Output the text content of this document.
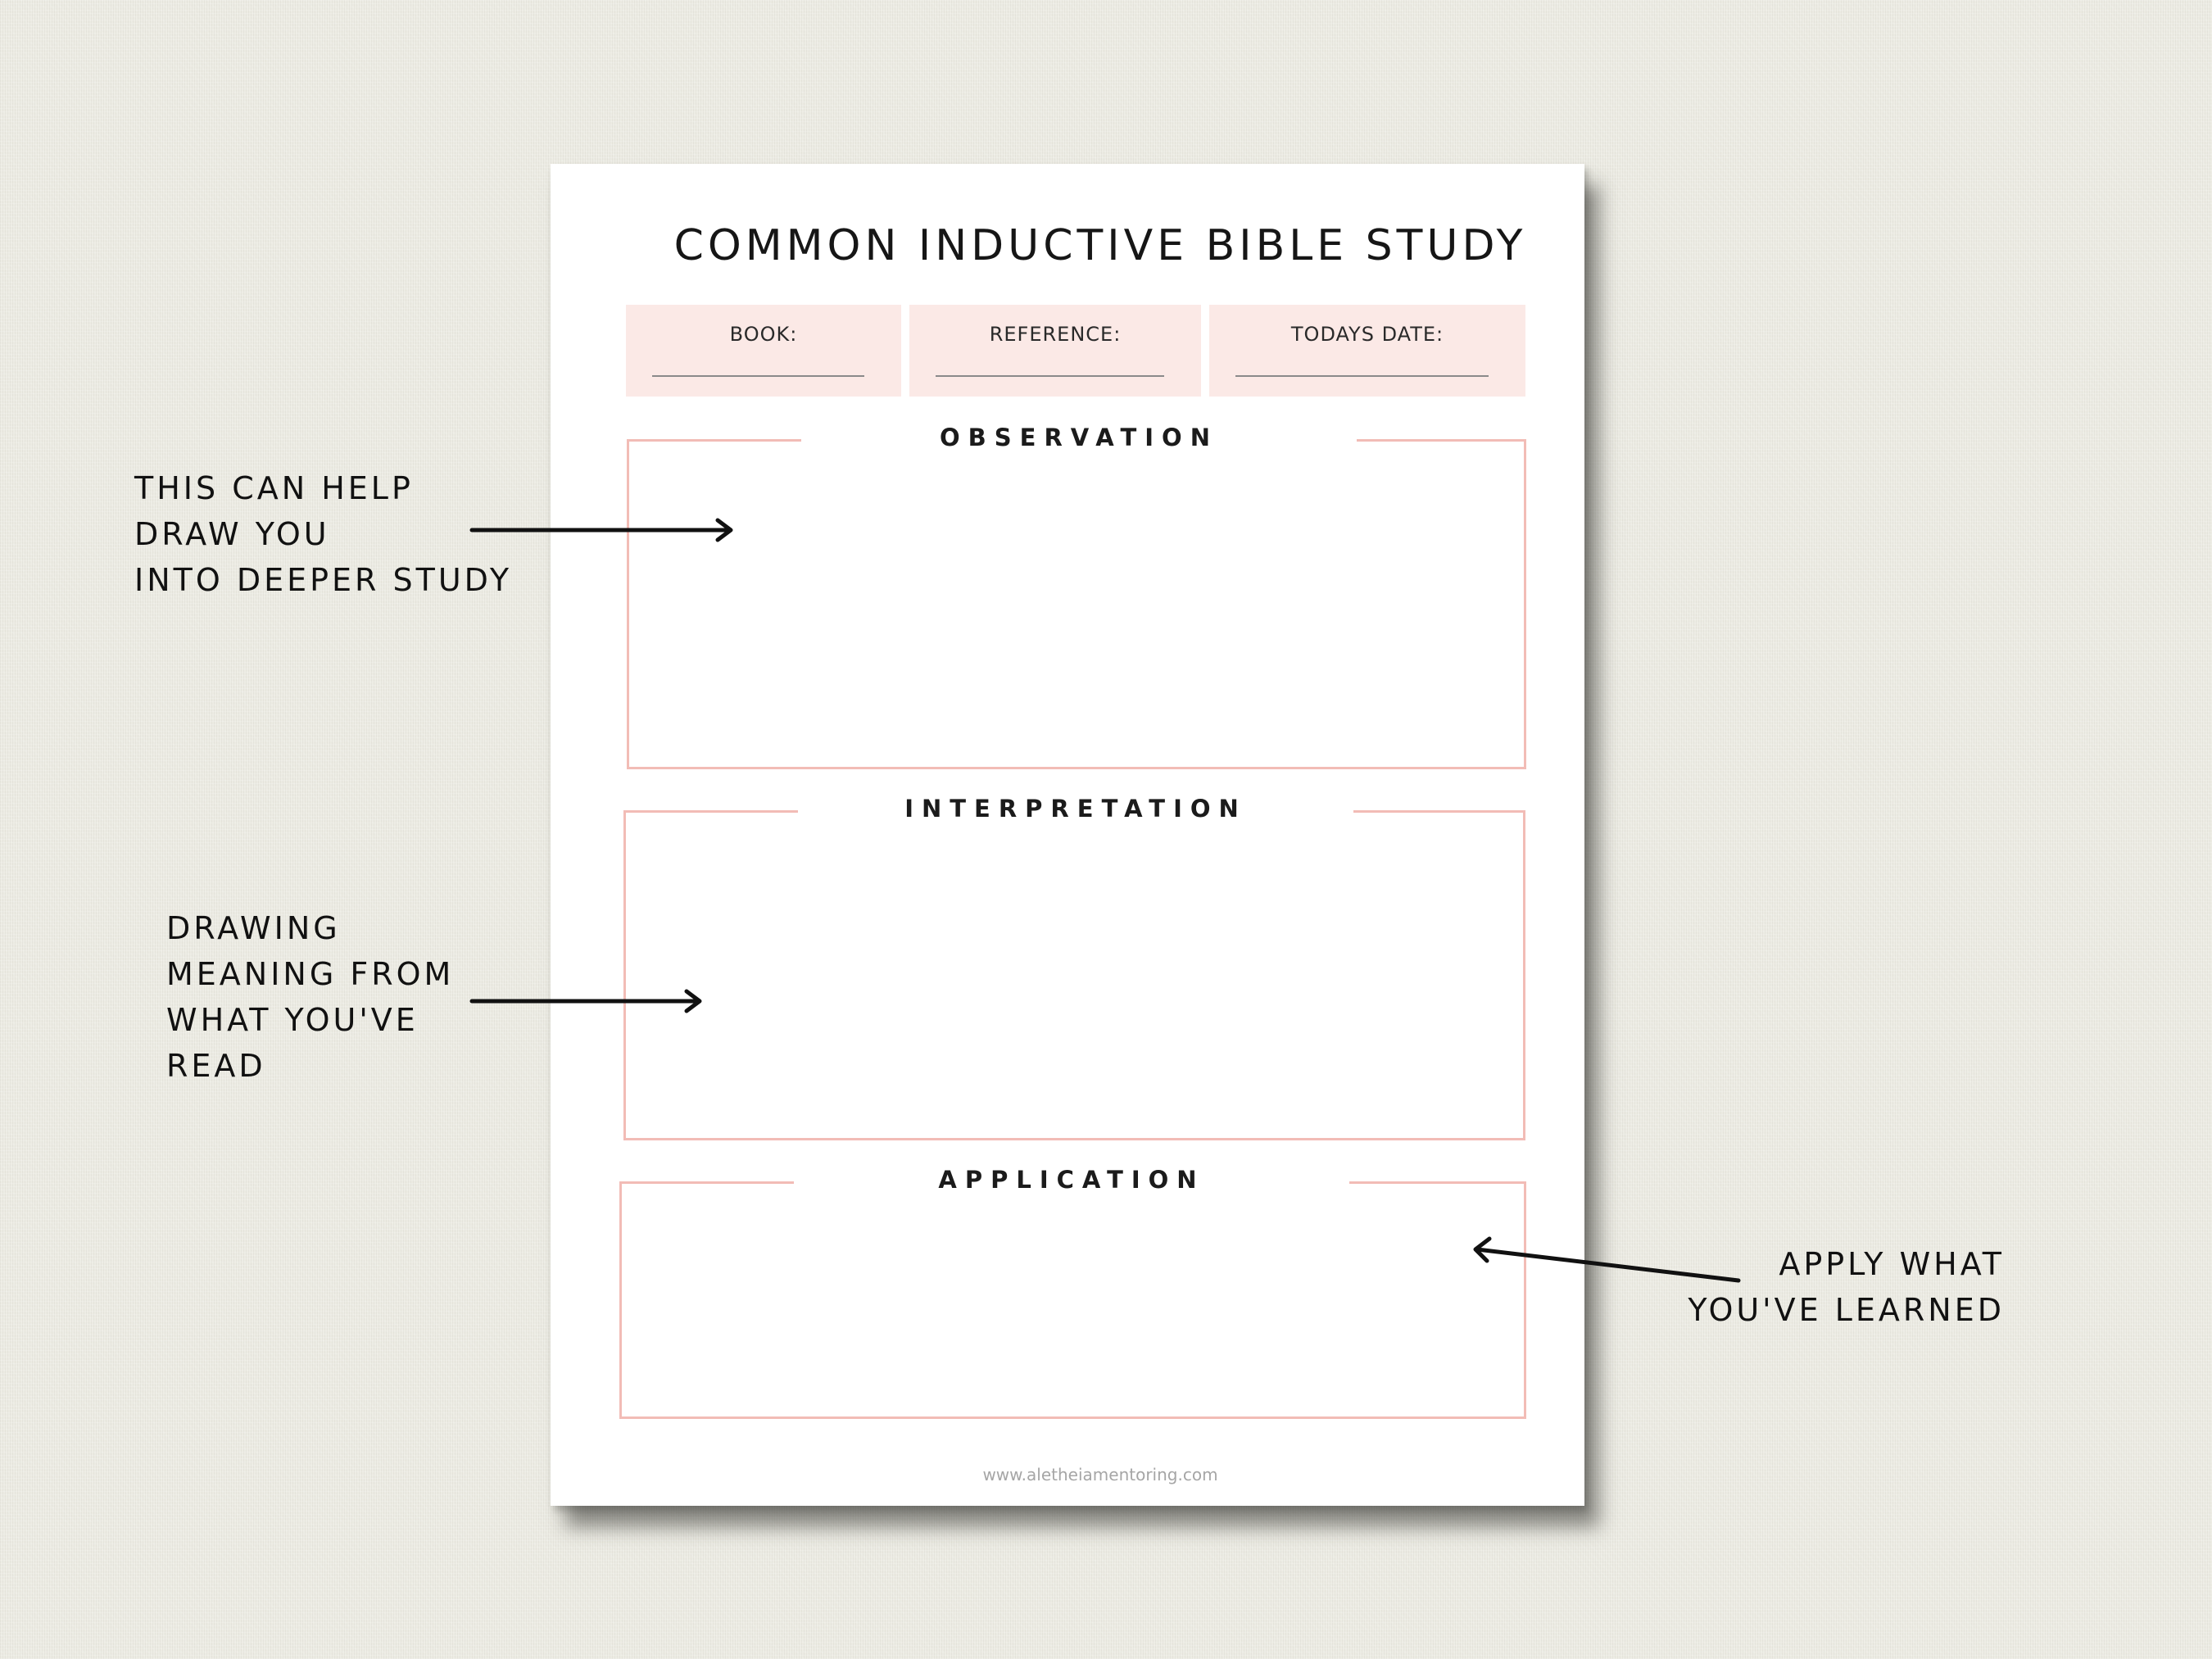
COMMON INDUCTIVE BIBLE STUDY
BOOK:	REFERENCE:	TODAYS DATE:
OBSERVATION
INTERPRETATION
APPLICATION
www.aletheiamentoring.com
THIS CAN HELP
DRAW YOU
INTO DEEPER STUDY
DRAWING
MEANING FROM
WHAT YOU'VE
READ
APPLY WHAT
YOU'VE LEARNED
